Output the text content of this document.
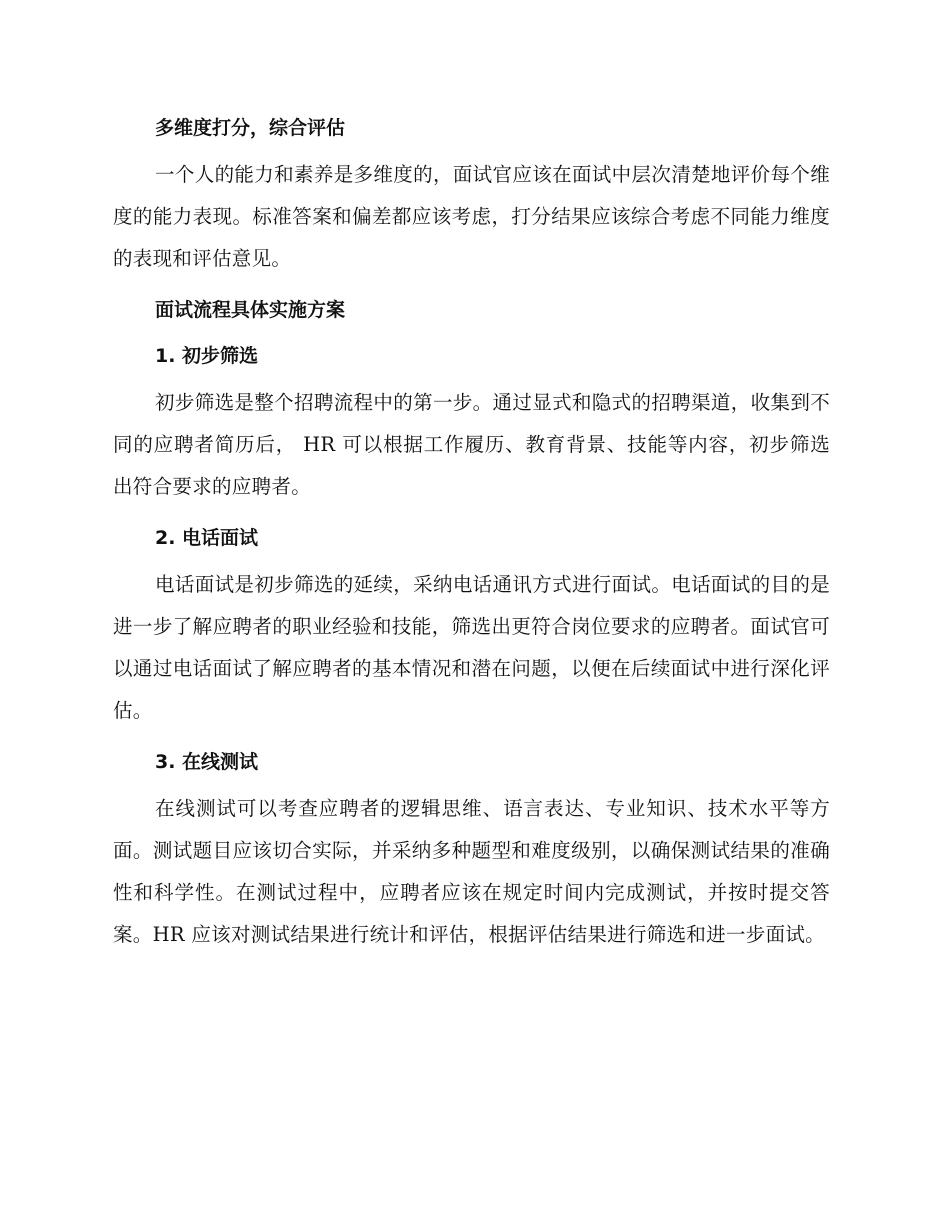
多维度打分，综合评估

一个人的能力和素养是多维度的，面试官应该在面试中层次清楚地评价每个维度的能力表现。标准答案和偏差都应该考虑，打分结果应该综合考虑不同能力维度的表现和评估意见。

面试流程具体实施方案
1. 初步筛选

初步筛选是整个招聘流程中的第一步。通过显式和隐式的招聘渠道，收集到不同的应聘者简历后， HR 可以根据工作履历、教育背景、技能等内容，初步筛选出符合要求的应聘者。

2. 电话面试

电话面试是初步筛选的延续，采纳电话通讯方式进行面试。电话面试的目的是进一步了解应聘者的职业经验和技能，筛选出更符合岗位要求的应聘者。面试官可以通过电话面试了解应聘者的基本情况和潜在问题，以便在后续面试中进行深化评估。

3. 在线测试

在线测试可以考查应聘者的逻辑思维、语言表达、专业知识、技术水平等方面。测试题目应该切合实际，并采纳多种题型和难度级别，以确保测试结果的准确性和科学性。在测试过程中，应聘者应该在规定时间内完成测试，并按时提交答案。HR 应该对测试结果进行统计和评估，根据评估结果进行筛选和进一步面试。
